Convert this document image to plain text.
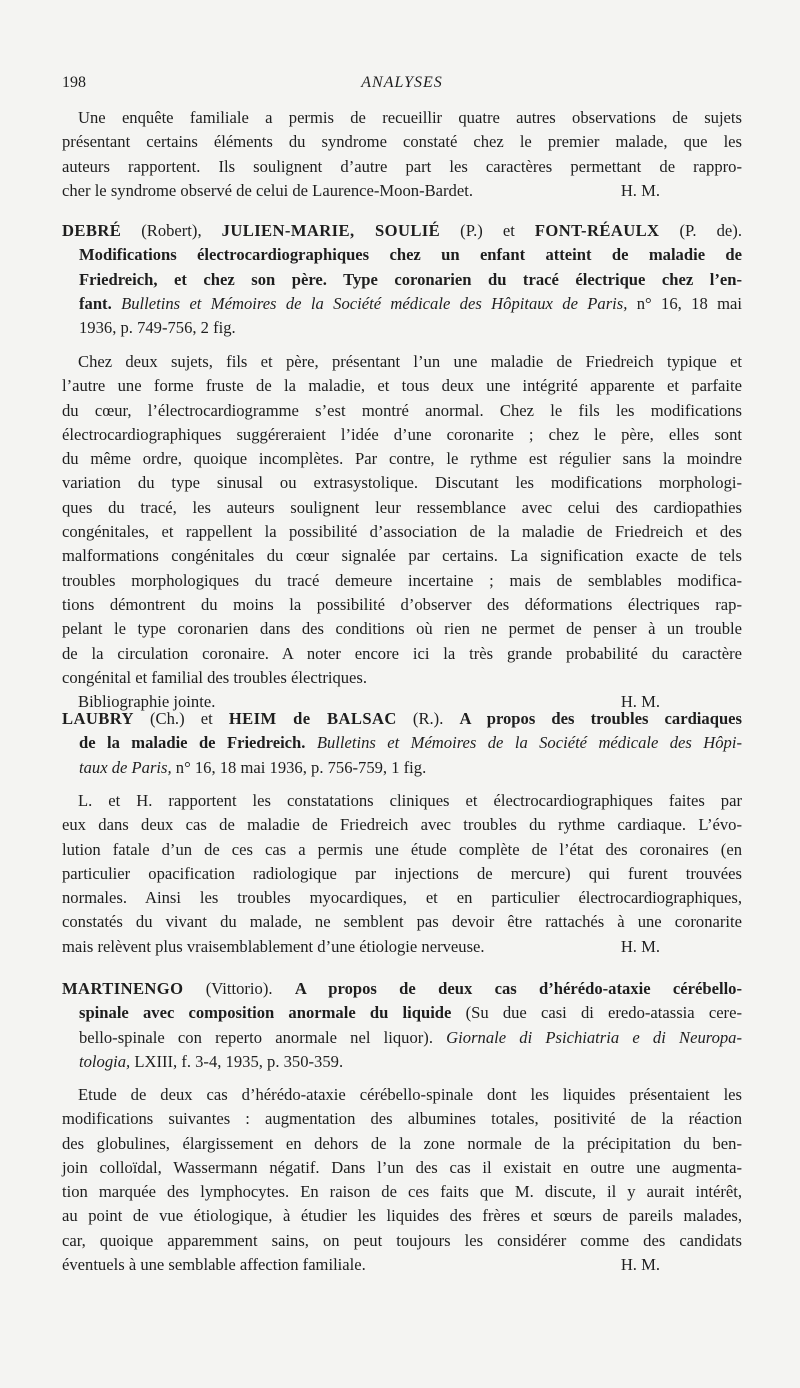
198	ANALYSES
Une enquête familiale a permis de recueillir quatre autres observations de sujets
présentant certains éléments du syndrome constaté chez le premier malade, que les
auteurs rapportent. Ils soulignent d’autre part les caractères permettant de rappro-
cher le syndrome observé de celui de Laurence-Moon-Bardet.	H. M.
DEBRÉ (Robert), JULIEN-MARIE, SOULIÉ (P.) et FONT-RÉAULX (P. de).
Modifications électrocardiographiques chez un enfant atteint de maladie de
Friedreich, et chez son père. Type coronarien du tracé électrique chez l’en-
fant. Bulletins et Mémoires de la Société médicale des Hôpitaux de Paris, n° 16, 18 mai
1936, p. 749-756, 2 fig.
Chez deux sujets, fils et père, présentant l’un une maladie de Friedreich typique et
l’autre une forme fruste de la maladie, et tous deux une intégrité apparente et parfaite
du cœur, l’électrocardiogramme s’est montré anormal. Chez le fils les modifications
électrocardiographiques suggéreraient l’idée d’une coronarite ; chez le père, elles sont
du même ordre, quoique incomplètes. Par contre, le rythme est régulier sans la moindre
variation du type sinusal ou extrasystolique. Discutant les modifications morphologi-
ques du tracé, les auteurs soulignent leur ressemblance avec celui des cardiopathies
congénitales, et rappellent la possibilité d’association de la maladie de Friedreich et des
malformations congénitales du cœur signalée par certains. La signification exacte de tels
troubles morphologiques du tracé demeure incertaine ; mais de semblables modifica-
tions démontrent du moins la possibilité d’observer des déformations électriques rap-
pelant le type coronarien dans des conditions où rien ne permet de penser à un trouble
de la circulation coronaire. A noter encore ici la très grande probabilité du caractère
congénital et familial des troubles électriques.
Bibliographie jointe.	H. M.
LAUBRY (Ch.) et HEIM de BALSAC (R.). A propos des troubles cardiaques
de la maladie de Friedreich. Bulletins et Mémoires de la Société médicale des Hôpi-
taux de Paris, n° 16, 18 mai 1936, p. 756-759, 1 fig.
L. et H. rapportent les constatations cliniques et électrocardiographiques faites par
eux dans deux cas de maladie de Friedreich avec troubles du rythme cardiaque. L’évo-
lution fatale d’un de ces cas a permis une étude complète de l’état des coronaires (en
particulier opacification radiologique par injections de mercure) qui furent trouvées
normales. Ainsi les troubles myocardiques, et en particulier électrocardiographiques,
constatés du vivant du malade, ne semblent pas devoir être rattachés à une coronarite
mais relèvent plus vraisemblablement d’une étiologie nerveuse.	H. M.
MARTINENGO (Vittorio). A propos de deux cas d’hérédo-ataxie cérébello-
spinale avec composition anormale du liquide (Su due casi di eredo-atassia cere-
bello-spinale con reperto anormale nel liquor). Giornale di Psichiatria e di Neuropa-
tologia, LXIII, f. 3-4, 1935, p. 350-359.
Etude de deux cas d’hérédo-ataxie cérébello-spinale dont les liquides présentaient les
modifications suivantes : augmentation des albumines totales, positivité de la réaction
des globulines, élargissement en dehors de la zone normale de la précipitation du ben-
join colloïdal, Wassermann négatif. Dans l’un des cas il existait en outre une augmenta-
tion marquée des lymphocytes. En raison de ces faits que M. discute, il y aurait intérêt,
au point de vue étiologique, à étudier les liquides des frères et sœurs de pareils malades,
car, quoique apparemment sains, on peut toujours les considérer comme des candidats
éventuels à une semblable affection familiale.	H. M.
